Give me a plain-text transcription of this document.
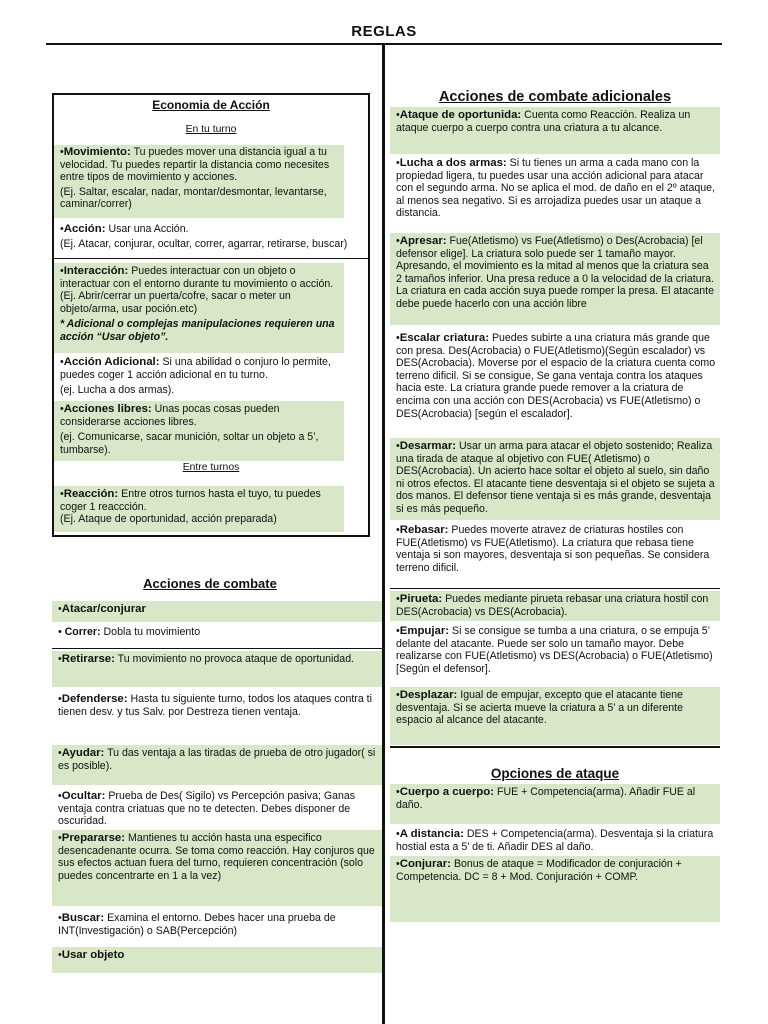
REGLAS
Economia de Acción
En tu turno

•Movimiento: Tu puedes mover una distancia igual a tu velocidad. Tu puedes repartir la distancia como necesites entre tipos de movimiento y acciones.

(Ej. Saltar, escalar, nadar, montar/desmontar, levantarse, caminar/correr)

•Acción: Usar una Acción.

(Ej. Atacar, conjurar, ocultar, correr, agarrar, retirarse, buscar)

•Interacción: Puedes interactuar con un objeto o interactuar con el entorno durante tu movimiento o acción. (Ej. Abrir/cerrar un puerta/cofre, sacar o meter un objeto/arma, usar poción.etc)

* Adicional o complejas manipulaciones requieren una acción “Usar objeto”.

•Acción Adicional: Si una abilidad o conjuro lo permite, puedes coger 1 acción adicional en tu turno.

(ej. Lucha a dos armas).

•Acciones libres: Unas pocas cosas pueden considerarse acciones libres.

(ej. Comunicarse, sacar munición, soltar un objeto a 5’, tumbarse).

Entre turnos

•Reacción: Entre otros turnos hasta el tuyo, tu puedes coger 1 reaccción.

(Ej. Ataque de oportunidad, acción preparada)

Acciones de combate

•Atacar/conjurar

• Correr: Dobla tu movimiento

•Retirarse: Tu movimiento no provoca ataque de oportunidad.

•Defenderse: Hasta tu siguiente turno, todos los ataques contra ti tienen desv. y tus Salv. por Destreza tienen ventaja.

•Ayudar: Tu das ventaja a las tiradas de prueba de otro jugador( si es posible).

•Ocultar: Prueba de Des( Sigilo) vs Percepción pasiva; Ganas ventaja contra criatuas que no te detecten. Debes disponer de oscuridad.

•Prepararse: Mantienes tu acción hasta una especifico desencadenante ocurra. Se toma como reacción. Hay conjuros que sus efectos actuan fuera del turno, requieren concentración (solo puedes concentrarte en 1 a la vez)

•Buscar: Examina el entorno. Debes hacer una prueba de INT(Investigación) o SAB(Percepción)

•Usar objeto

Acciones de combate adicionales

•Ataque de oportunida: Cuenta como Reacción. Realiza un ataque cuerpo a cuerpo contra una criatura a tu alcance.

•Lucha a dos armas: Si tu tienes un arma a cada mano con la propiedad ligera, tu puedes usar una acción adicional para atacar con el segundo arma. No se aplica el mod. de daño en el 2º ataque, al menos sea negativo. Si es arrojadiza puedes usar un ataque a distancia.

•Apresar: Fue(Atletismo) vs Fue(Atletismo) o Des(Acrobacia) [el defensor elige]. La criatura solo puede ser 1 tamaño mayor. Apresando, el movimiento es la mitad al menos que la criatura sea 2 tamaños inferior. Una presa reduce a 0 la velocidad de la criatura. La criatura en cada acción suya puede romper la presa. El atacante debe puede hacerlo con una acción libre

•Escalar criatura: Puedes subirte a una criatura más grande que con presa. Des(Acrobacia) o FUE(Atletismo)(Según escalador) vs DES(Acrobacia). Moverse por el espacio de la criatura cuenta como terreno dificil. Si se consigue, Se gana ventaja contra los ataques hacia este. La criatura grande puede remover a la criatura de encima con una acción con DES(Acrobacia) vs FUE(Atletismo) o DES(Acrobacia) [según el escalador].

•Desarmar: Usar un arma para atacar el objeto sostenido; Realiza una tirada de ataque al objetivo con FUE( Atletismo) o DES(Acrobacia). Un acierto hace soltar el objeto al suelo, sin daño ni otros efectos. El atacante tiene desventaja si el objeto se sujeta a dos manos. El defensor tiene ventaja si es más grande, desventaja si es más pequeño.

•Rebasar: Puedes moverte atravez de criaturas hostiles con FUE(Atletismo) vs FUE(Atletismo). La criatura que rebasa tiene ventaja si son mayores, desventaja si son pequeñas. Se considera terreno dificil.

•Pirueta: Puedes mediante pirueta rebasar una criatura hostil con DES(Acrobacia) vs DES(Acrobacia).

•Empujar: Si se consigue se tumba a una criatura, o se empuja 5’ delante del atacante. Puede ser solo un tamaño mayor. Debe realizarse con FUE(Atletismo) vs DES(Acrobacia) o FUE(Atletismo)[Según el defensor].

•Desplazar: Igual de empujar, excepto que el atacante tiene desventaja. Si se acierta mueve la criatura a 5’ a un diferente espacio al alcance del atacante.

Opciones de ataque

•Cuerpo a cuerpo: FUE + Competencia(arma). Añadir FUE al daño.

•A distancia: DES + Competencia(arma). Desventaja si la criatura hostial esta a 5’ de ti. Añadir DES al daño.

•Conjurar: Bonus de ataque = Modificador de conjuración + Competencia. DC = 8 + Mod. Conjuración + COMP.
